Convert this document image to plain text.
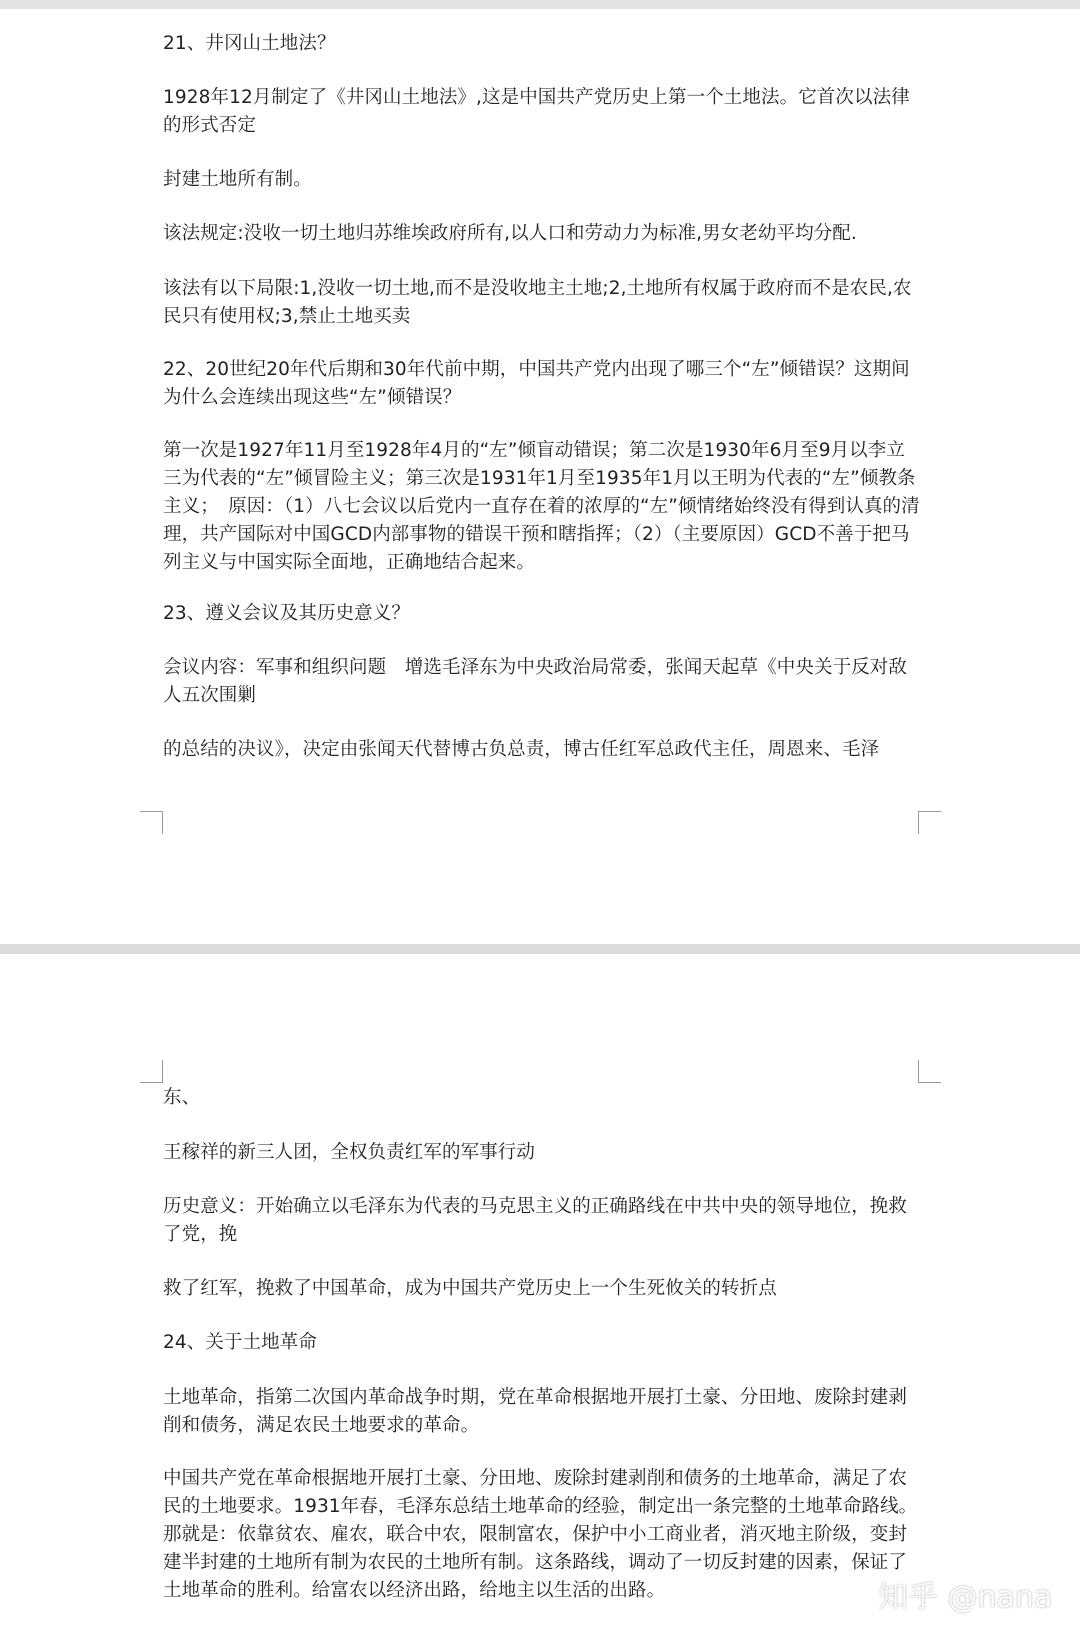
21、井冈山土地法？

1928年12月制定了《井冈山土地法》,这是中国共产党历史上第一个土地法。它首次以法律的形式否定

封建土地所有制。

该法规定:没收一切土地归苏维埃政府所有,以人口和劳动力为标准,男女老幼平均分配.

该法有以下局限:1,没收一切土地,而不是没收地主土地;2,土地所有权属于政府而不是农民,农民只有使用权;3,禁止土地买卖

22、20世纪20年代后期和30年代前中期，中国共产党内出现了哪三个“左”倾错误？这期间为什么会连续出现这些“左”倾错误？

第一次是1927年11月至1928年4月的“左”倾盲动错误；第二次是1930年6月至9月以李立三为代表的“左”倾冒险主义；第三次是1931年1月至1935年1月以王明为代表的“左”倾教条主义；　原因：（1）八七会议以后党内一直存在着的浓厚的“左”倾情绪始终没有得到认真的清理，共产国际对中国GCD内部事物的错误干预和瞎指挥；（2）（主要原因）GCD不善于把马列主义与中国实际全面地，正确地结合起来。

23、遵义会议及其历史意义？

会议内容：军事和组织问题　增选毛泽东为中央政治局常委，张闻天起草《中央关于反对敌人五次围剿

的总结的决议》，决定由张闻天代替博古负总责，博古任红军总政代主任，周恩来、毛泽

东、

王稼祥的新三人团，全权负责红军的军事行动

历史意义：开始确立以毛泽东为代表的马克思主义的正确路线在中共中央的领导地位，挽救了党，挽

救了红军，挽救了中国革命，成为中国共产党历史上一个生死攸关的转折点

24、关于土地革命

土地革命，指第二次国内革命战争时期，党在革命根据地开展打土豪、分田地、废除封建剥削和债务，满足农民土地要求的革命。

中国共产党在革命根据地开展打土豪、分田地、废除封建剥削和债务的土地革命，满足了农民的土地要求。1931年春，毛泽东总结土地革命的经验，制定出一条完整的土地革命路线。那就是：依靠贫农、雇农，联合中农，限制富农，保护中小工商业者，消灭地主阶级，变封建半封建的土地所有制为农民的土地所有制。这条路线，调动了一切反封建的因素，保证了土地革命的胜利。给富农以经济出路，给地主以生活的出路。	知乎 @nana
